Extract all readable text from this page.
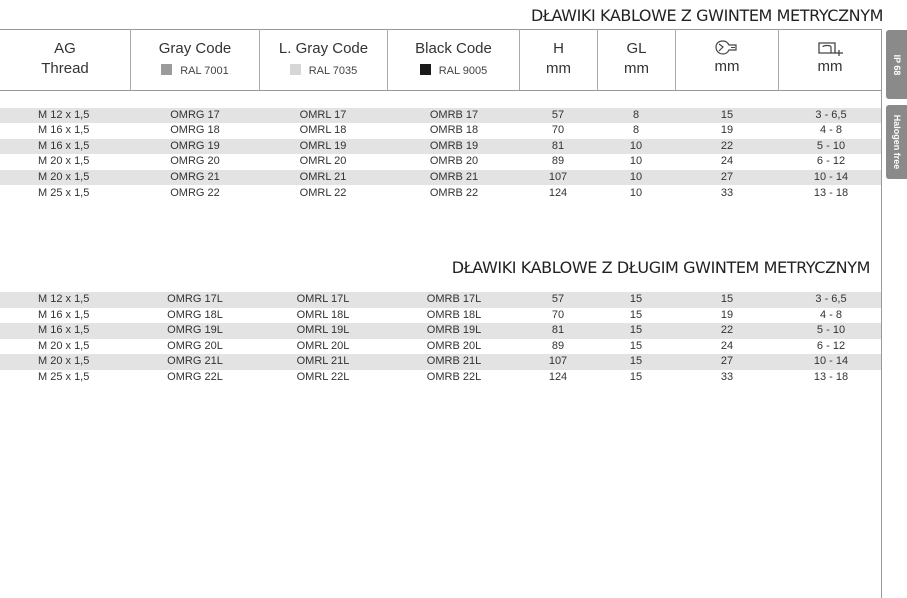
DŁAWIKI KABLOWE Z GWINTEM METRYCZNYM
DŁAWIKI KABLOWE Z DŁUGIM GWINTEM METRYCZNYM
AG
Thread
Gray Code
RAL 7001
L. Gray Code
RAL 7035
Black Code
RAL 9005
H
mm
GL
mm	mm	mm
M 12 x 1,5	OMRG 17	OMRL 17	OMRB 17	57	8	15	3 - 6,5
M 16 x 1,5	OMRG 18	OMRL 18	OMRB 18	70	8	19	4 - 8
M 16 x 1,5	OMRG 19	OMRL 19	OMRB 19	81	10	22	5 - 10
M 20 x 1,5	OMRG 20	OMRL 20	OMRB 20	89	10	24	6 - 12
M 20 x 1,5	OMRG 21	OMRL 21	OMRB 21	107	10	27	10 - 14
M 25 x 1,5	OMRG 22	OMRL 22	OMRB 22	124	10	33	13 - 18
M 12 x 1,5	OMRG 17L	OMRL 17L	OMRB 17L	57	15	15	3 - 6,5
M 16 x 1,5	OMRG 18L	OMRL 18L	OMRB 18L	70	15	19	4 - 8
M 16 x 1,5	OMRG 19L	OMRL 19L	OMRB 19L	81	15	22	5 - 10
M 20 x 1,5	OMRG 20L	OMRL 20L	OMRB 20L	89	15	24	6 - 12
M 20 x 1,5	OMRG 21L	OMRL 21L	OMRB 21L	107	15	27	10 - 14
M 25 x 1,5	OMRG 22L	OMRL 22L	OMRB 22L	124	15	33	13 - 18
IP 68
Halogen free
